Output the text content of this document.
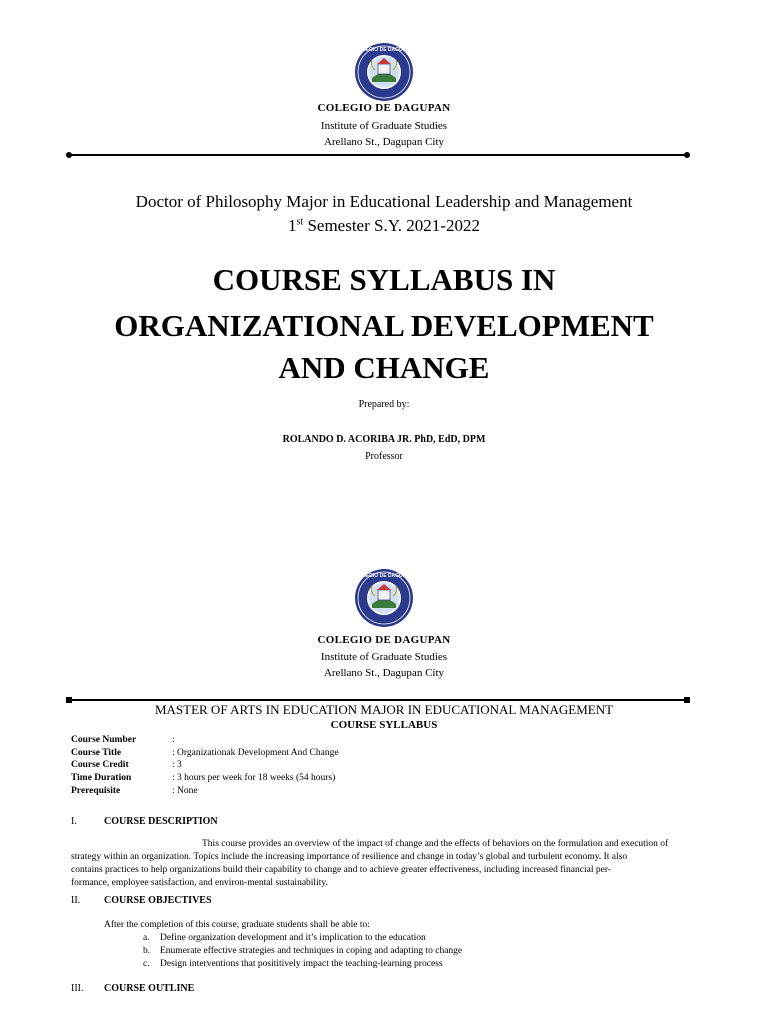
COLEGIO DE DAGUPAN
COLEGIO DE DAGUPAN
Institute of Graduate Studies
Arellano St., Dagupan City
Doctor of Philosophy Major in Educational Leadership and Management
1st Semester S.Y. 2021-2022
COURSE SYLLABUS IN
ORGANIZATIONAL DEVELOPMENT
AND CHANGE
Prepared by:
ROLANDO D. ACORIBA JR. PhD, EdD, DPM
Professor
COLEGIO DE DAGUPAN
COLEGIO DE DAGUPAN
Institute of Graduate Studies
Arellano St., Dagupan City
MASTER OF ARTS IN EDUCATION MAJOR IN EDUCATIONAL MANAGEMENT
COURSE SYLLABUS
Course Number	:
Course Title	: Organizationak Development And Change
Course Credit	: 3
Time Duration	: 3 hours per week for 18 weeks (54 hours)
Prerequisite	: None
I.	COURSE DESCRIPTION
This course provides an overview of the impact of change and the effects of behaviors on the formulation and execution of
strategy within an organization. Topics include the increasing importance of resilience and change in today’s global and turbulent economy. It also
contains practices to help organizations build their capability to change and to achieve greater effectiveness, including increased financial per-
formance, employee satisfaction, and environ-mental sustainability.
II. COURSE OBJECTIVES
After the completion of this course, graduate students shall be able to:
a. Define organization development and it’s implication to the education
b. Enumerate effective strategies and techniques in coping and adapting to change
c. Design interventions that posititively impact the teaching-learning process
III. COURSE OUTLINE
